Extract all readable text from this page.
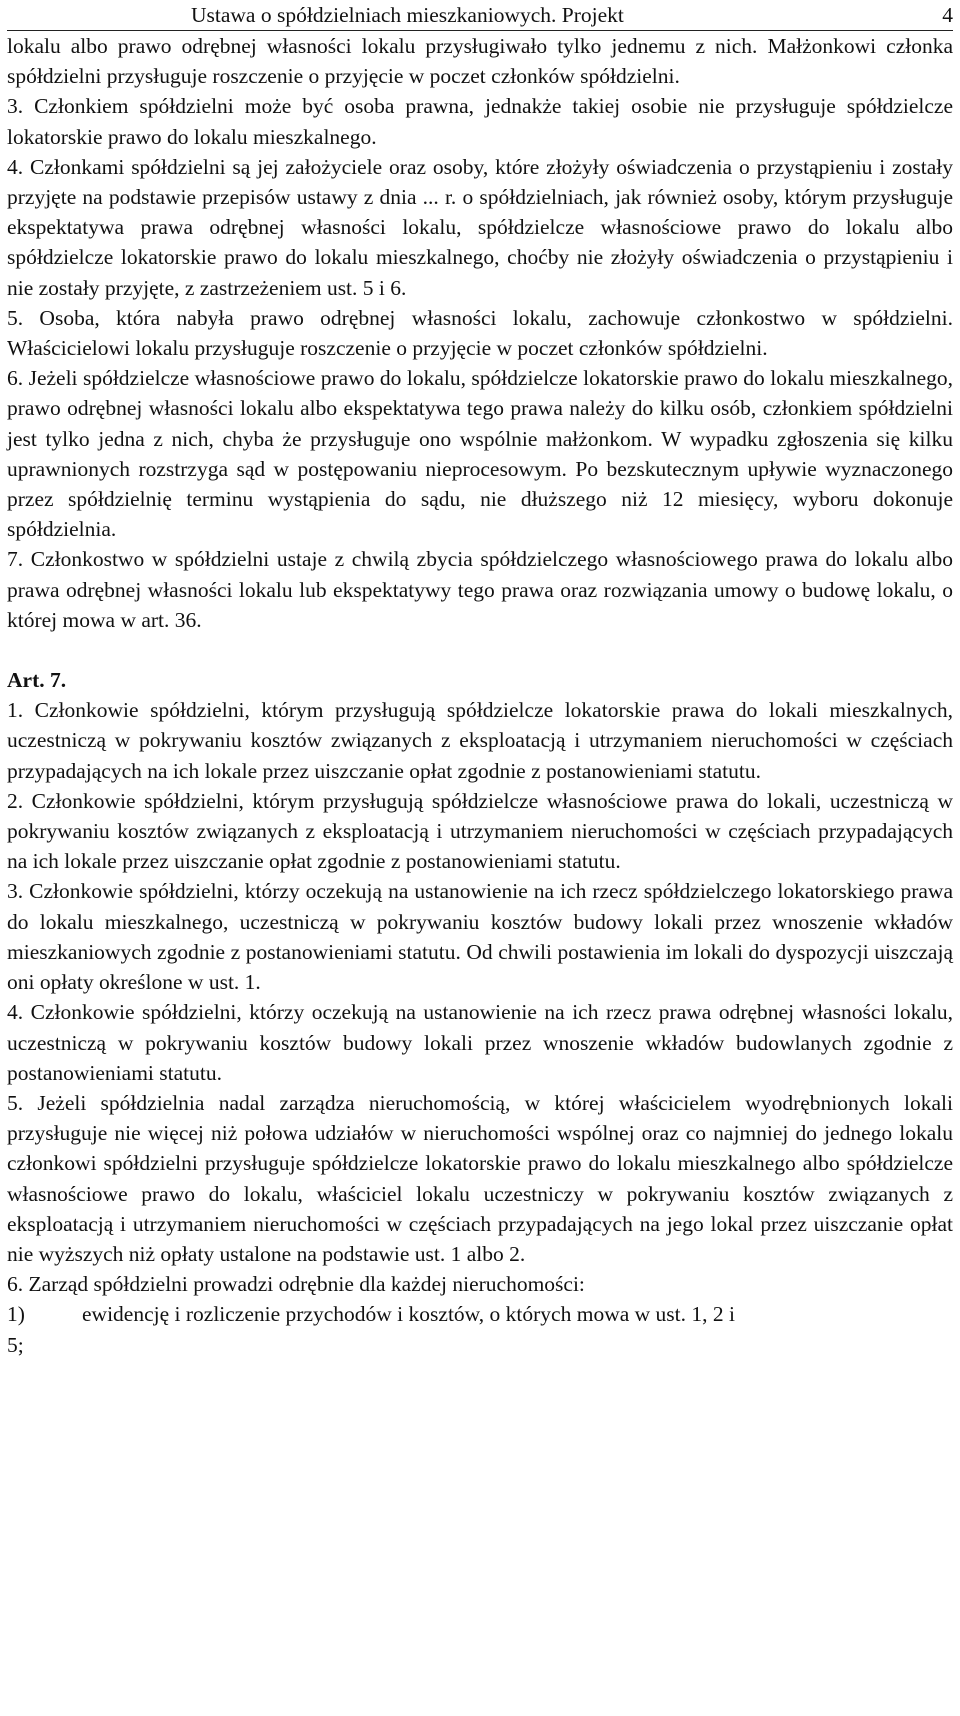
Ustawa o spółdzielniach mieszkaniowych. Projekt	4

lokalu albo prawo odrębnej własności lokalu przysługiwało tylko jednemu z nich. Małżonkowi członka spółdzielni przysługuje roszczenie o przyjęcie w poczet członków spółdzielni.

3. Członkiem spółdzielni może być osoba prawna, jednakże takiej osobie nie przysługuje spółdzielcze lokatorskie prawo do lokalu mieszkalnego.

4. Członkami spółdzielni są jej założyciele oraz osoby, które złożyły oświadczenia o przystąpieniu i zostały przyjęte na podstawie przepisów ustawy z dnia ... r. o spółdzielniach, jak również osoby, którym przysługuje ekspektatywa prawa odrębnej własności lokalu, spółdzielcze własnościowe prawo do lokalu albo spółdzielcze lokatorskie prawo do lokalu mieszkalnego, choćby nie złożyły oświadczenia o przystąpieniu i nie zostały przyjęte, z zastrzeżeniem ust. 5 i 6.

5. Osoba, która nabyła prawo odrębnej własności lokalu, zachowuje członkostwo w spółdzielni. Właścicielowi lokalu przysługuje roszczenie o przyjęcie w poczet członków spółdzielni.

6. Jeżeli spółdzielcze własnościowe prawo do lokalu, spółdzielcze lokatorskie prawo do lokalu mieszkalnego, prawo odrębnej własności lokalu albo ekspektatywa tego prawa należy do kilku osób, członkiem spółdzielni jest tylko jedna z nich, chyba że przysługuje ono wspólnie małżonkom. W wypadku zgłoszenia się kilku uprawnionych rozstrzyga sąd w postępowaniu nieprocesowym. Po bezskutecznym upływie wyznaczonego przez spółdzielnię terminu wystąpienia do sądu, nie dłuższego niż 12 miesięcy, wyboru dokonuje spółdzielnia.

7. Członkostwo w spółdzielni ustaje z chwilą zbycia spółdzielczego własnościowego prawa do lokalu albo prawa odrębnej własności lokalu lub ekspektatywy tego prawa oraz rozwiązania umowy o budowę lokalu, o której mowa w art. 36.

Art. 7.

1. Członkowie spółdzielni, którym przysługują spółdzielcze lokatorskie prawa do lokali mieszkalnych, uczestniczą w pokrywaniu kosztów związanych z eksploatacją i utrzymaniem nieruchomości w częściach przypadających na ich lokale przez uiszczanie opłat zgodnie z postanowieniami statutu.

2. Członkowie spółdzielni, którym przysługują spółdzielcze własnościowe prawa do lokali, uczestniczą w pokrywaniu kosztów związanych z eksploatacją i utrzymaniem nieruchomości w częściach przypadających na ich lokale przez uiszczanie opłat zgodnie z postanowieniami statutu.

3. Członkowie spółdzielni, którzy oczekują na ustanowienie na ich rzecz spółdzielczego lokatorskiego prawa do lokalu mieszkalnego, uczestniczą w pokrywaniu kosztów budowy lokali przez wnoszenie wkładów mieszkaniowych zgodnie z postanowieniami statutu. Od chwili postawienia im lokali do dyspozycji uiszczają oni opłaty określone w ust. 1.

4. Członkowie spółdzielni, którzy oczekują na ustanowienie na ich rzecz prawa odrębnej własności lokalu, uczestniczą w pokrywaniu kosztów budowy lokali przez wnoszenie wkładów budowlanych zgodnie z postanowieniami statutu.

5. Jeżeli spółdzielnia nadal zarządza nieruchomością, w której właścicielem wyodrębnionych lokali przysługuje nie więcej niż połowa udziałów w nieruchomości wspólnej oraz co najmniej do jednego lokalu członkowi spółdzielni przysługuje spółdzielcze lokatorskie prawo do lokalu mieszkalnego albo spółdzielcze własnościowe prawo do lokalu, właściciel lokalu uczestniczy w pokrywaniu kosztów związanych z eksploatacją i utrzymaniem nieruchomości w częściach przypadających na jego lokal przez uiszczanie opłat nie wyższych niż opłaty ustalone na podstawie ust. 1 albo 2.

6. Zarząd spółdzielni prowadzi odrębnie dla każdej nieruchomości:

1)	ewidencję i rozliczenie przychodów i kosztów, o których mowa w ust. 1, 2 i

5;
